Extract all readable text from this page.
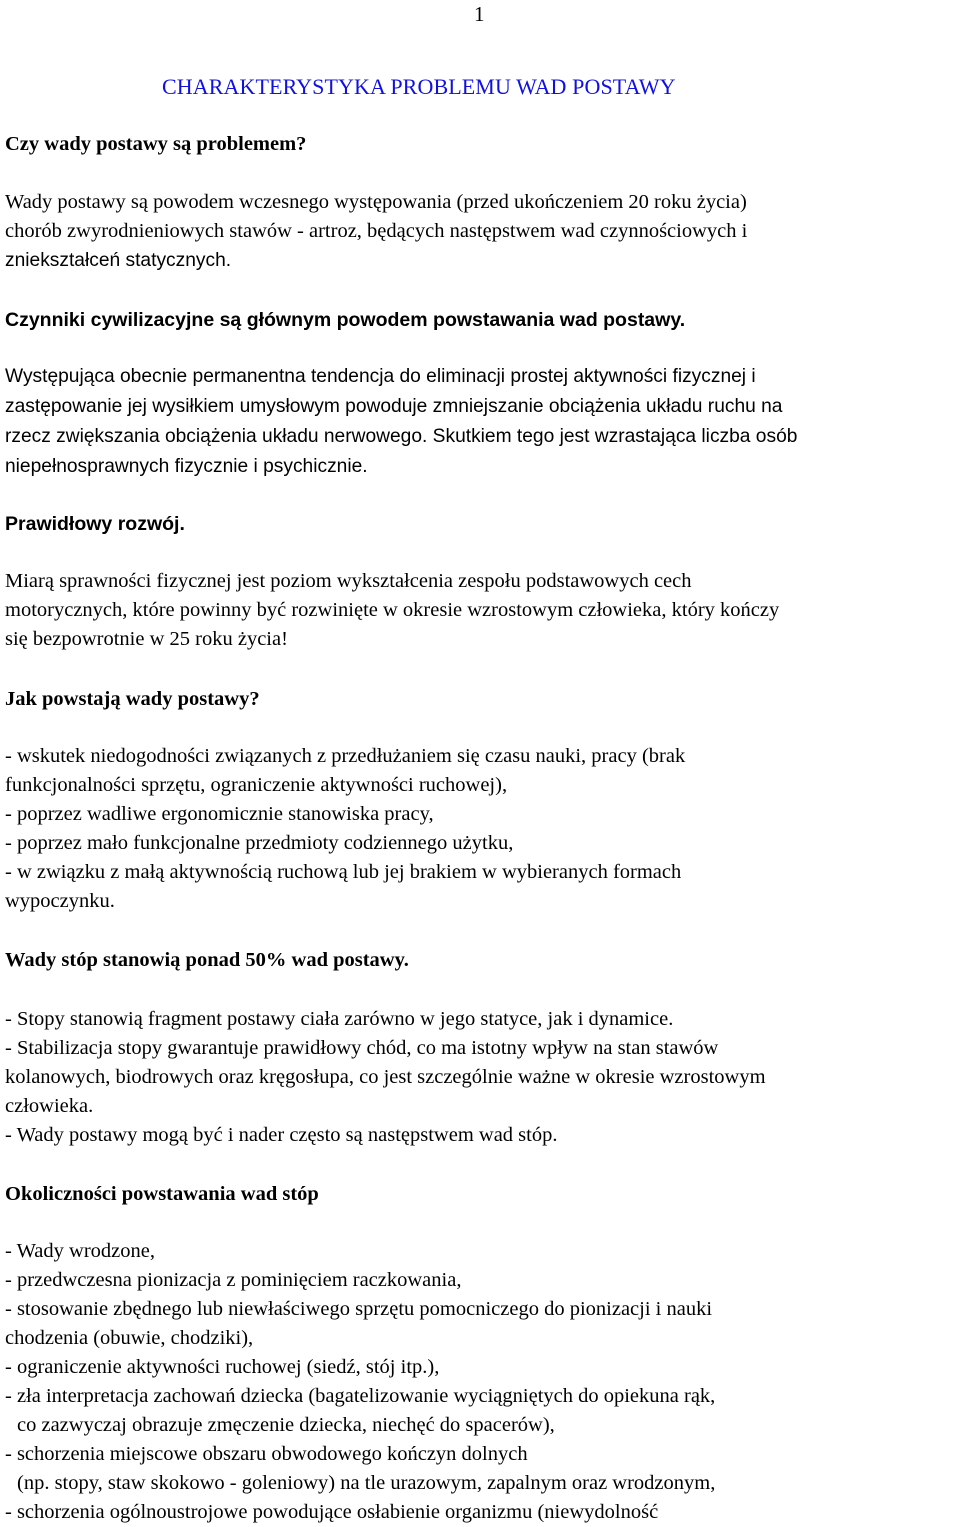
1
CHARAKTERYSTYKA PROBLEMU WAD POSTAWY
Czy wady postawy są problemem?
Wady postawy są powodem wczesnego występowania (przed ukończeniem 20 roku życia)
chorób zwyrodnieniowych stawów - artroz, będących następstwem wad czynnościowych i
zniekształceń statycznych.
Czynniki cywilizacyjne są głównym powodem powstawania wad postawy.
Występująca obecnie permanentna tendencja do eliminacji prostej aktywności fizycznej i
zastępowanie jej wysiłkiem umysłowym powoduje zmniejszanie obciążenia układu ruchu na
rzecz zwiększania obciążenia układu nerwowego. Skutkiem tego jest wzrastająca liczba osób
niepełnosprawnych fizycznie i psychicznie.
Prawidłowy rozwój.
Miarą sprawności fizycznej jest poziom wykształcenia zespołu podstawowych cech
motorycznych, które powinny być rozwinięte w okresie wzrostowym człowieka, który kończy
się bezpowrotnie w 25 roku życia!
Jak powstają wady postawy?
- wskutek niedogodności związanych z przedłużaniem się czasu nauki, pracy (brak
funkcjonalności sprzętu, ograniczenie aktywności ruchowej),
- poprzez wadliwe ergonomicznie stanowiska pracy,
- poprzez mało funkcjonalne przedmioty codziennego użytku,
- w związku z małą aktywnością ruchową lub jej brakiem w wybieranych formach
wypoczynku.
Wady stóp stanowią ponad 50% wad postawy.
- Stopy stanowią fragment postawy ciała zarówno w jego statyce, jak i dynamice.
- Stabilizacja stopy gwarantuje prawidłowy chód, co ma istotny wpływ na stan stawów
kolanowych, biodrowych oraz kręgosłupa, co jest szczególnie ważne w okresie wzrostowym
człowieka.
- Wady postawy mogą być i nader często są następstwem wad stóp.
Okoliczności powstawania wad stóp
- Wady wrodzone,
- przedwczesna pionizacja z pominięciem raczkowania,
- stosowanie zbędnego lub niewłaściwego sprzętu pomocniczego do pionizacji i nauki
chodzenia (obuwie, chodziki),
- ograniczenie aktywności ruchowej (siedź, stój itp.),
- zła interpretacja zachowań dziecka (bagatelizowanie wyciągniętych do opiekuna rąk,
co zazwyczaj obrazuje zmęczenie dziecka, niechęć do spacerów),
- schorzenia miejscowe obszaru obwodowego kończyn dolnych
(np. stopy, staw skokowo - goleniowy) na tle urazowym, zapalnym oraz wrodzonym,
- schorzenia ogólnoustrojowe powodujące osłabienie organizmu (niewydolność
